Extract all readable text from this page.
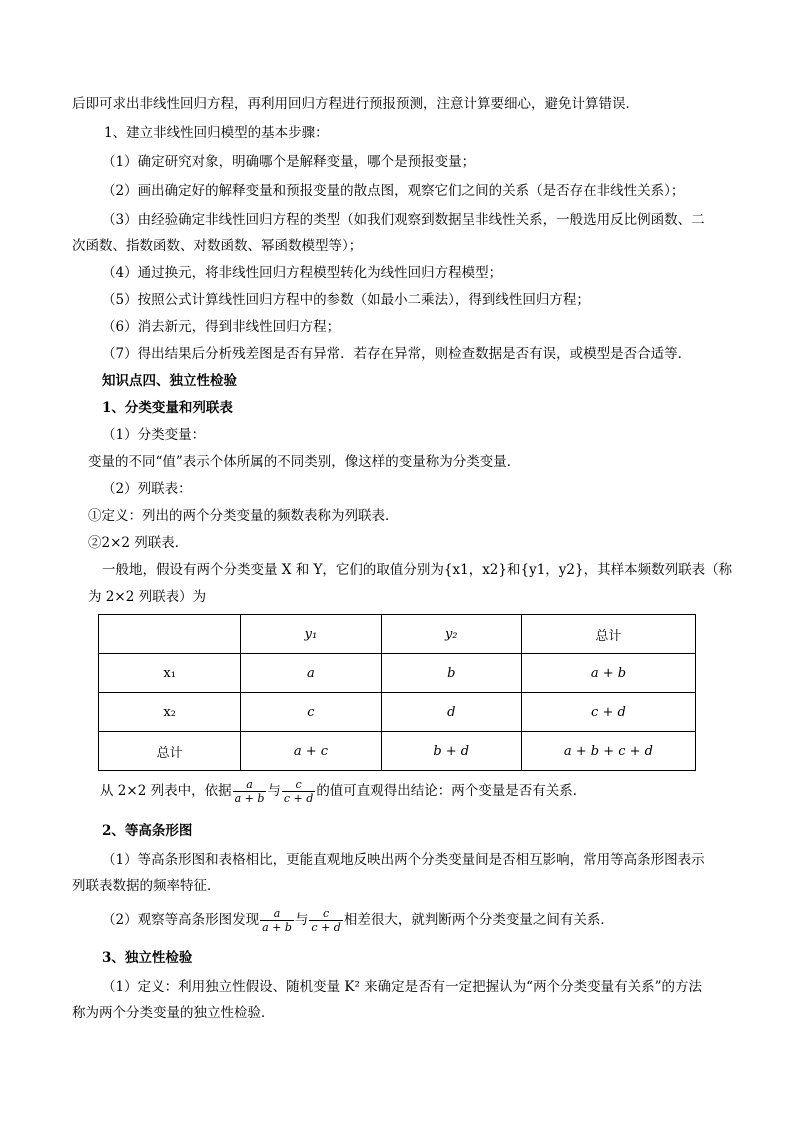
后即可求出非线性回归方程，再利用回归方程进行预报预测，注意计算要细心，避免计算错误．
1、建立非线性回归模型的基本步骤：
（1）确定研究对象，明确哪个是解释变量，哪个是预报变量；
（2）画出确定好的解释变量和预报变量的散点图，观察它们之间的关系（是否存在非线性关系）；
（3）由经验确定非线性回归方程的类型（如我们观察到数据呈非线性关系，一般选用反比例函数、二
次函数、指数函数、对数函数、幂函数模型等）；
（4）通过换元，将非线性回归方程模型转化为线性回归方程模型；
（5）按照公式计算线性回归方程中的参数（如最小二乘法），得到线性回归方程；
（6）消去新元，得到非线性回归方程；
（7）得出结果后分析残差图是否有异常．若存在异常，则检查数据是否有误，或模型是否合适等．
知识点四、独立性检验
1、分类变量和列联表
（1）分类变量：
变量的不同“值”表示个体所属的不同类别，像这样的变量称为分类变量．
（2）列联表：
①定义：列出的两个分类变量的频数表称为列联表．
②2×2 列联表．
一般地，假设有两个分类变量 X 和 Y，它们的取值分别为{x1，x2}和{y1，y2}，其样本频数列联表（称
为 2×2 列联表）为
	y₁	y₂	总计
x₁	a	b	a + b
x₂	c	d	c + d
总计	a + c	b + d	a + b + c + d
从 2×2 列表中，依据 $\frac{a}{a + b}$ 与 $\frac{c}{c + d}$ 的值可直观得出结论：两个变量是否有关系．
2、等高条形图
（1）等高条形图和表格相比，更能直观地反映出两个分类变量间是否相互影响，常用等高条形图表示
列联表数据的频率特征．
（2）观察等高条形图发现 $\frac{a}{a + b}$ 与 $\frac{c}{c + d}$ 相差很大，就判断两个分类变量之间有关系．
3、独立性检验
（1）定义：利用独立性假设、随机变量 K² 来确定是否有一定把握认为“两个分类变量有关系”的方法
称为两个分类变量的独立性检验．
